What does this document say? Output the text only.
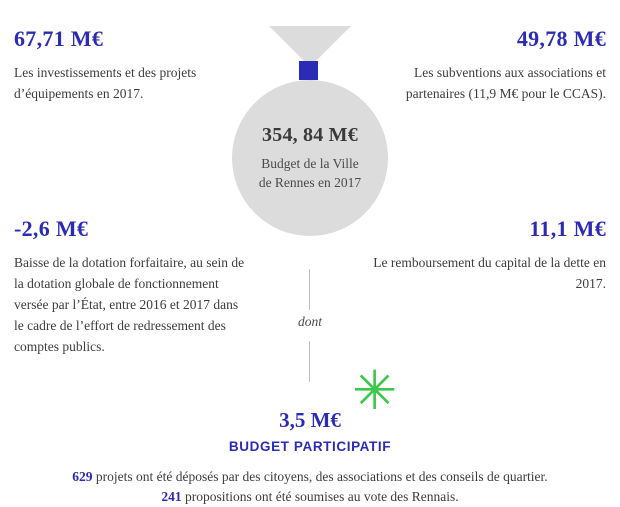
354, 84 M€
Budget de la Ville
de Rennes en 2017
67,71 M€
Les investissements et des projets d’équipements en 2017.
49,78 M€
Les subventions aux associations et partenaires (11,9 M€ pour le CCAS).
-2,6 M€
Baisse de la dotation forfaitaire, au sein de la dotation globale de fonctionnement versée par l’État, entre 2016 et 2017 dans le cadre de l’effort de redressement des comptes publics.
11,1 M€
Le remboursement du capital de la dette en 2017.
dont
✳
3,5 M€
BUDGET PARTICIPATIF
629 projets ont été déposés par des citoyens, des associations et des conseils de quartier.
241 propositions ont été soumises au vote des Rennais.
